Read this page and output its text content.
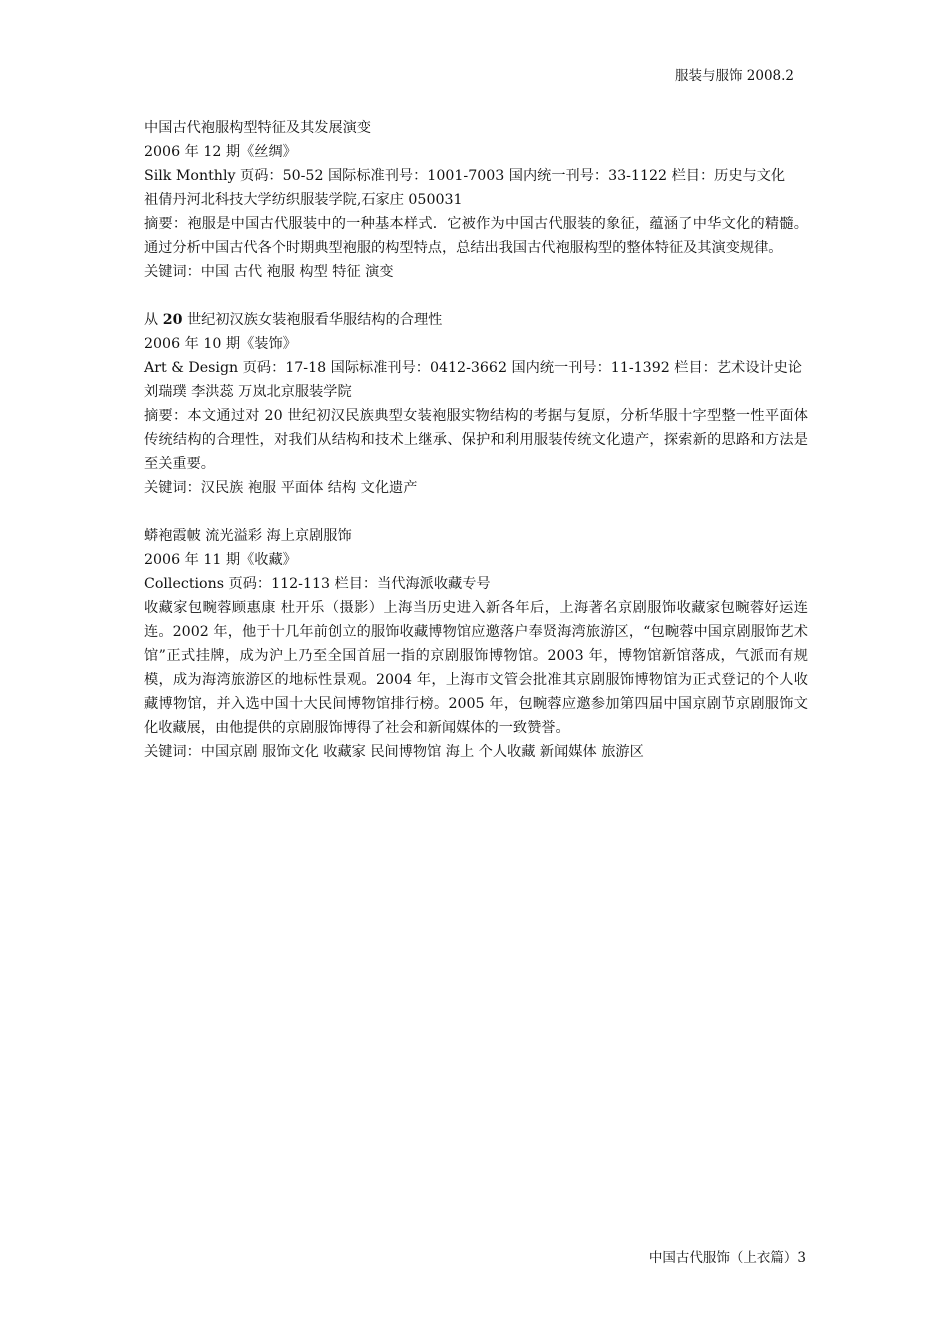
服装与服饰 2008.2

中国古代袍服构型特征及其发展演变

2006 年 12 期《丝绸》

Silk Monthly 页码：50-52 国际标准刊号：1001-7003 国内统一刊号：33-1122 栏目：历史与文化

祖倩丹河北科技大学纺织服装学院,石家庄 050031

摘要：袍服是中国古代服装中的一种基本样式．它被作为中国古代服装的象征，蕴涵了中华文化的精髓。通过分析中国古代各个时期典型袍服的构型特点，总结出我国古代袍服构型的整体特征及其演变规律。

关键词：中国 古代 袍服 构型 特征 演变

从 20 世纪初汉族女装袍服看华服结构的合理性

2006 年 10 期《装饰》

Art & Design 页码：17-18 国际标准刊号：0412-3662 国内统一刊号：11-1392 栏目：艺术设计史论

刘瑞璞 李洪蕊 万岚北京服装学院

摘要：本文通过对 20 世纪初汉民族典型女装袍服实物结构的考据与复原，分析华服十字型整一性平面体传统结构的合理性，对我们从结构和技术上继承、保护和利用服装传统文化遗产，探索新的思路和方法是至关重要。

关键词：汉民族 袍服 平面体 结构 文化遗产

蟒袍霞帔 流光溢彩 海上京剧服饰

2006 年 11 期《收藏》

Collections 页码：112-113 栏目：当代海派收藏专号

收藏家包畹蓉顾惠康 杜开乐（摄影）上海当历史进入新各年后，上海著名京剧服饰收藏家包畹蓉好运连连。2002 年，他于十几年前创立的服饰收藏博物馆应邀落户奉贤海湾旅游区，“包畹蓉中国京剧服饰艺术馆”正式挂牌，成为沪上乃至全国首屈一指的京剧服饰博物馆。2003 年，博物馆新馆落成，气派而有规模，成为海湾旅游区的地标性景观。2004 年，上海市文管会批准其京剧服饰博物馆为正式登记的个人收藏博物馆，并入选中国十大民间博物馆排行榜。2005 年，包畹蓉应邀参加第四届中国京剧节京剧服饰文化收藏展，由他提供的京剧服饰博得了社会和新闻媒体的一致赞誉。

关键词：中国京剧 服饰文化 收藏家 民间博物馆 海上 个人收藏 新闻媒体 旅游区

中国古代服饰（上衣篇）3
